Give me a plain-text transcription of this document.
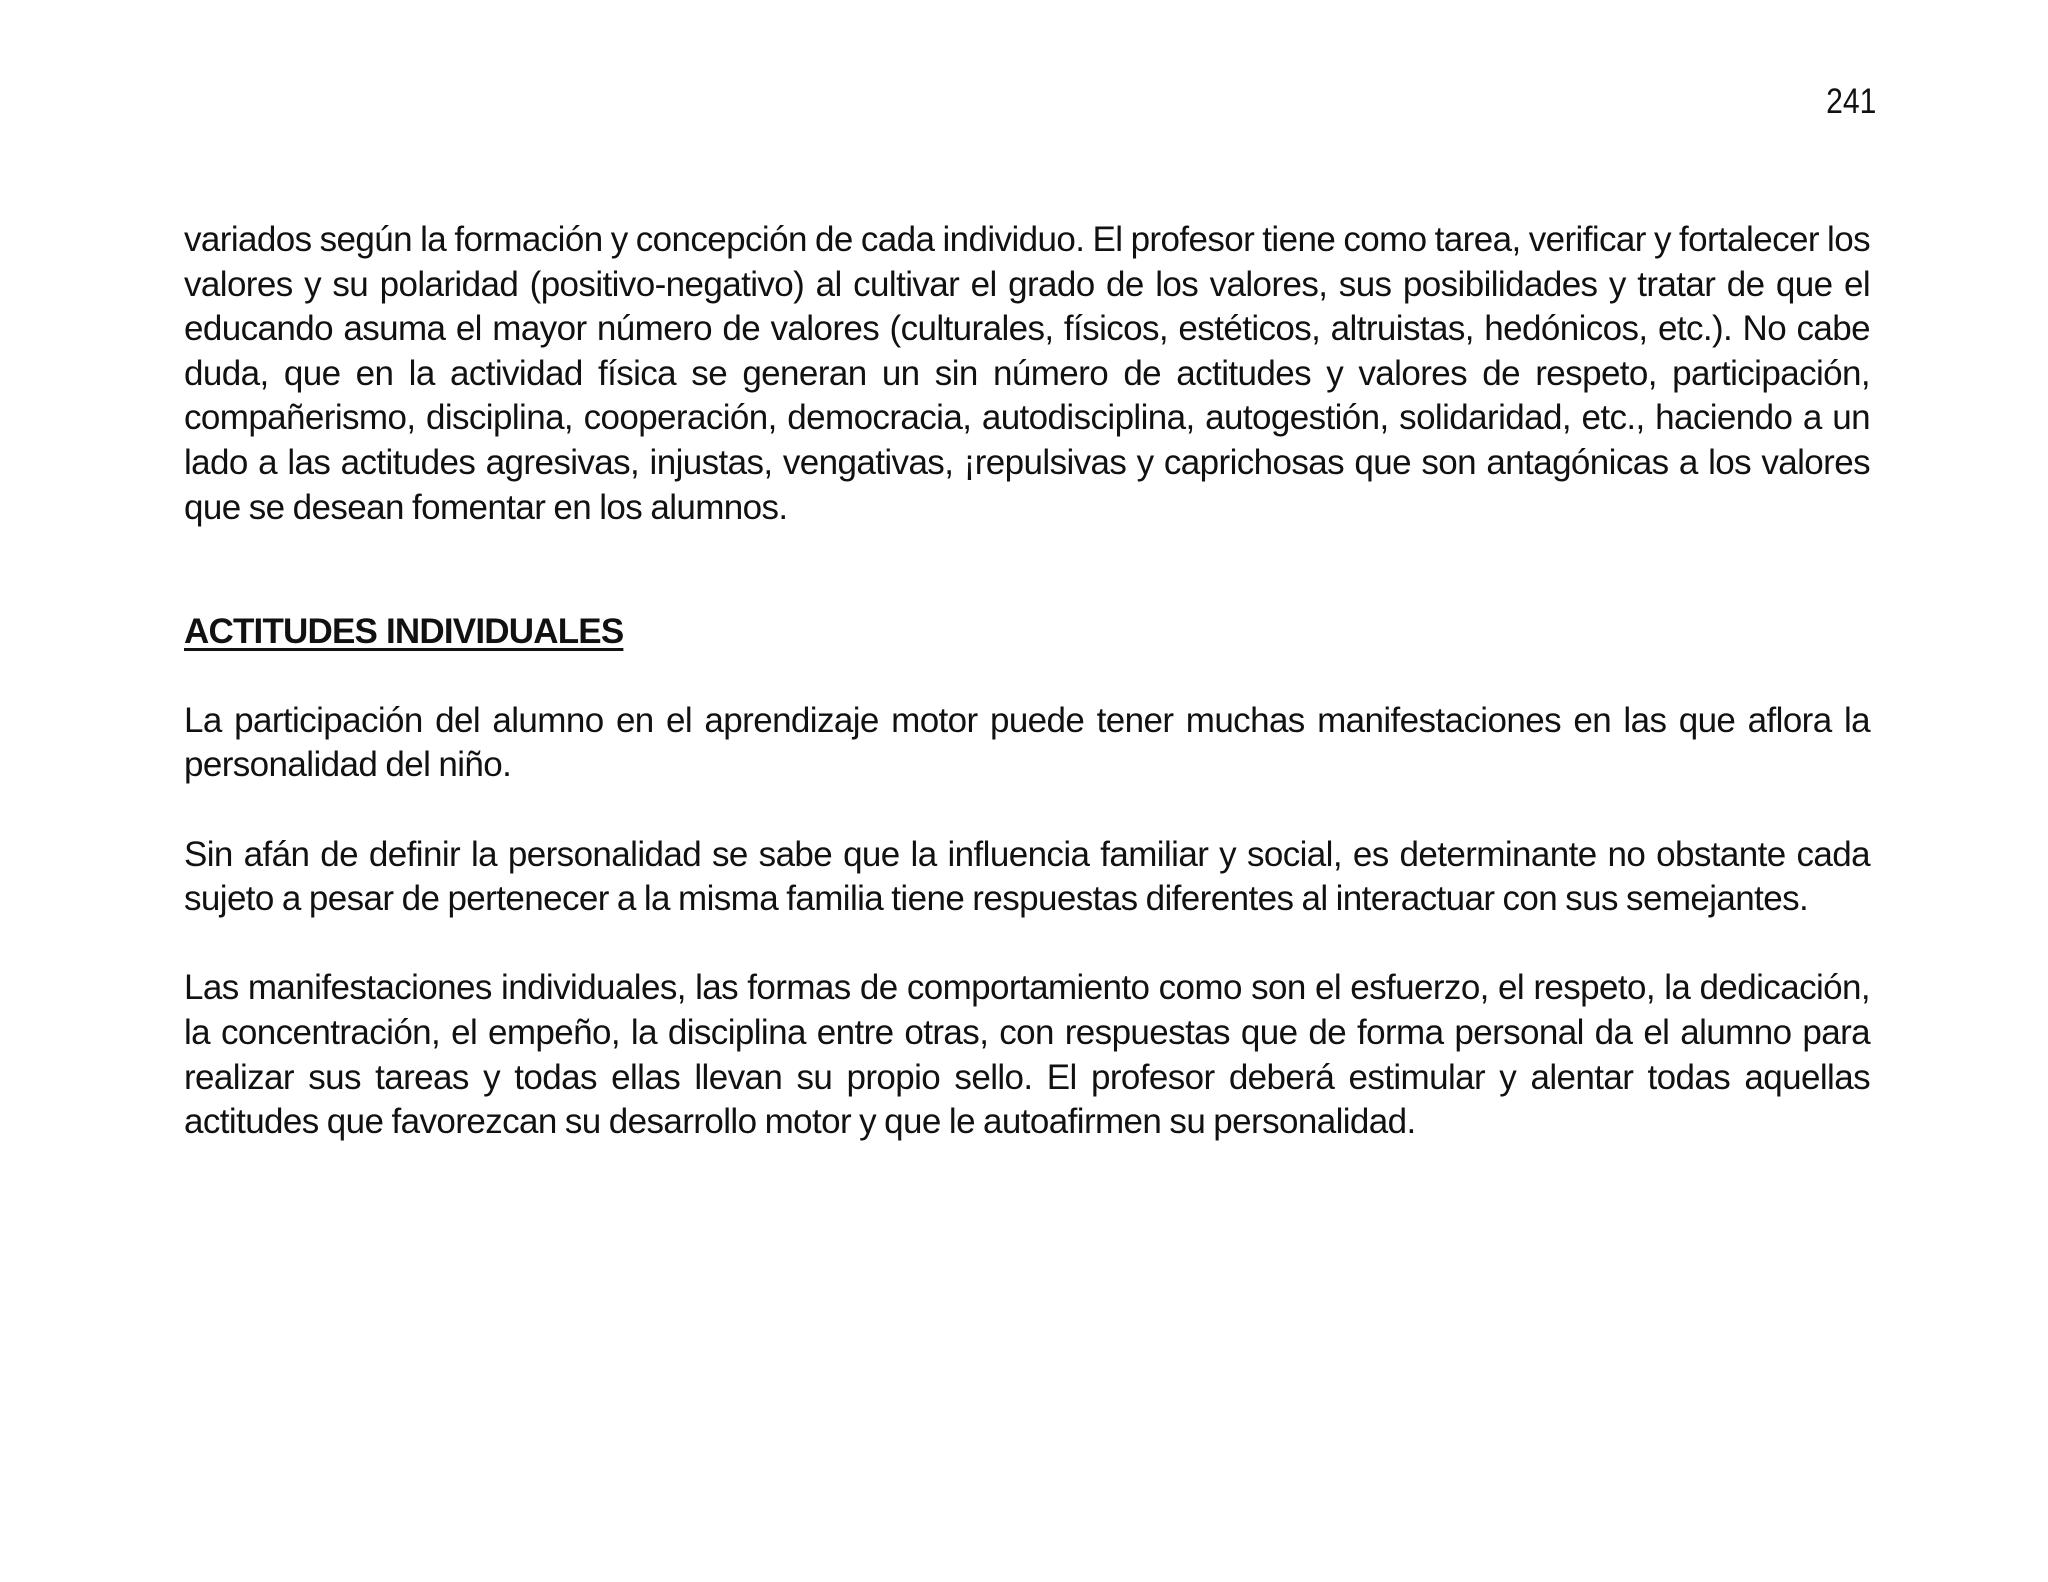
241

variados según la formación y concepción de cada individuo. El profesor tiene como tarea, verificar y fortalecer los valores y su polaridad (positivo-negativo) al cultivar el grado de los valores, sus posibilidades y tratar de que el educando asuma el mayor número de valores (culturales, físicos, estéticos, altruistas, hedónicos, etc.). No cabe duda, que en la actividad física se generan un sin número de actitudes y valores de respeto, participación, compañerismo, disciplina, cooperación, democracia, autodisciplina, autogestión, solidaridad, etc., haciendo a un lado a las actitudes agresivas, injustas, vengativas, ¡repulsivas y caprichosas que son antagónicas a los valores que se desean fomentar en los alumnos.

ACTITUDES INDIVIDUALES

La participación del alumno en el aprendizaje motor puede tener muchas manifestaciones en las que aflora la personalidad del niño.

Sin afán de definir la personalidad se sabe que la influencia familiar y social, es determinante no obstante cada sujeto a pesar de pertenecer a la misma familia tiene respuestas diferentes al interactuar con sus semejantes.

Las manifestaciones individuales, las formas de comportamiento como son el esfuerzo, el respeto, la dedicación, la concentración, el empeño, la disciplina entre otras, con respuestas que de forma personal da el alumno para realizar sus tareas y todas ellas llevan su propio sello. El profesor deberá estimular y alentar todas aquellas actitudes que favorezcan su desarrollo motor y que le autoafirmen su personalidad.
